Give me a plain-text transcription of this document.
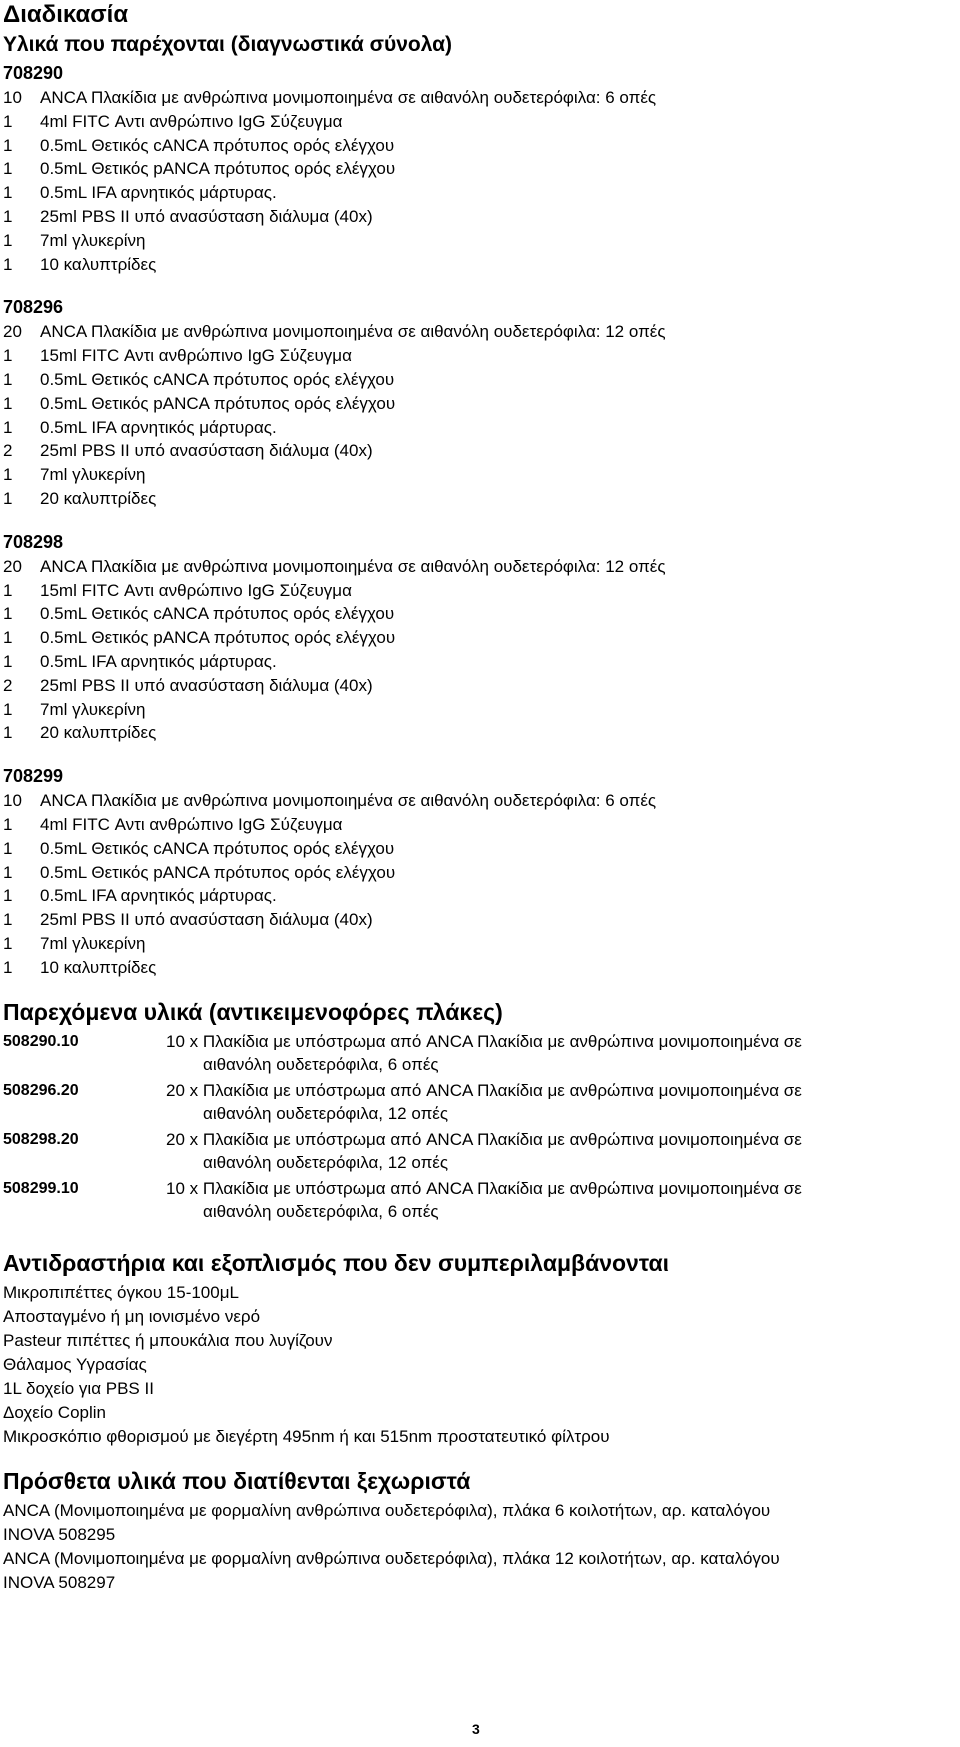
Διαδικασία
Υλικά που παρέχονται (διαγνωστικά σύνολα)
708290
10	ANCA Πλακίδια με ανθρώπινα μονιμοποιημένα σε αιθανόλη ουδετερόφιλα: 6 οπές
1	4ml FITC Αντι ανθρώπινο IgG Σύζευγμα
1	0.5mL Θετικός cANCA πρότυπος ορός ελέγχου
1	0.5mL Θετικός pANCA πρότυπος ορός ελέγχου
1	0.5mL IFA αρνητικός μάρτυρας.
1	25ml PBS II υπό ανασύσταση διάλυμα (40x)
1	7ml γλυκερίνη
1	10 καλυπτρίδες
708296
20	ANCA Πλακίδια με ανθρώπινα μονιμοποιημένα σε αιθανόλη ουδετερόφιλα: 12 οπές
1	15ml FITC Αντι ανθρώπινο IgG Σύζευγμα
1	0.5mL Θετικός cANCA πρότυπος ορός ελέγχου
1	0.5mL Θετικός pANCA πρότυπος ορός ελέγχου
1	0.5mL IFA αρνητικός μάρτυρας.
2	25ml PBS II υπό ανασύσταση διάλυμα (40x)
1	7ml γλυκερίνη
1	20 καλυπτρίδες
708298
20	ANCA Πλακίδια με ανθρώπινα μονιμοποιημένα σε αιθανόλη ουδετερόφιλα: 12 οπές
1	15ml FITC Αντι ανθρώπινο IgG Σύζευγμα
1	0.5mL Θετικός cANCA πρότυπος ορός ελέγχου
1	0.5mL Θετικός pANCA πρότυπος ορός ελέγχου
1	0.5mL IFA αρνητικός μάρτυρας.
2	25ml PBS II υπό ανασύσταση διάλυμα (40x)
1	7ml γλυκερίνη
1	20 καλυπτρίδες
708299
10	ANCA Πλακίδια με ανθρώπινα μονιμοποιημένα σε αιθανόλη ουδετερόφιλα: 6 οπές
1	4ml FITC Αντι ανθρώπινο IgG Σύζευγμα
1	0.5mL Θετικός cANCA πρότυπος ορός ελέγχου
1	0.5mL Θετικός pANCA πρότυπος ορός ελέγχου
1	0.5mL IFA αρνητικός μάρτυρας.
1	25ml PBS II υπό ανασύσταση διάλυμα (40x)
1	7ml γλυκερίνη
1	10 καλυπτρίδες
Παρεχόμενα υλικά (αντικειμενοφόρες πλάκες)
508290.10	10 x Πλακίδια με υπόστρωμα από ANCA Πλακίδια με ανθρώπινα μονιμοποιημένα σε
αιθανόλη ουδετερόφιλα, 6 οπές
508296.20	20 x Πλακίδια με υπόστρωμα από ANCA Πλακίδια με ανθρώπινα μονιμοποιημένα σε
αιθανόλη ουδετερόφιλα, 12 οπές
508298.20	20 x Πλακίδια με υπόστρωμα από ANCA Πλακίδια με ανθρώπινα μονιμοποιημένα σε
αιθανόλη ουδετερόφιλα, 12 οπές
508299.10	10 x Πλακίδια με υπόστρωμα από ANCA Πλακίδια με ανθρώπινα μονιμοποιημένα σε
αιθανόλη ουδετερόφιλα, 6 οπές
Αντιδραστήρια και εξοπλισμός που δεν συμπεριλαμβάνονται
Μικροπιπέττες όγκου 15-100μL
Αποσταγμένο ή μη ιονισμένο νερό
Pasteur πιπέττες ή μπουκάλια που λυγίζουν
Θάλαμος Υγρασίας
1L δοχείο για PBS II
Δοχείο Coplin
Μικροσκόπιο φθορισμού με διεγέρτη 495nm ή και 515nm προστατευτικό φίλτρου
Πρόσθετα υλικά που διατίθενται ξεχωριστά
ANCA (Μονιμοποιημένα με φορμαλίνη ανθρώπινα ουδετερόφιλα), πλάκα 6 κοιλοτήτων, αρ. καταλόγου
INOVA 508295
ANCA (Μονιμοποιημένα με φορμαλίνη ανθρώπινα ουδετερόφιλα), πλάκα 12 κοιλοτήτων, αρ. καταλόγου
INOVA 508297
3
